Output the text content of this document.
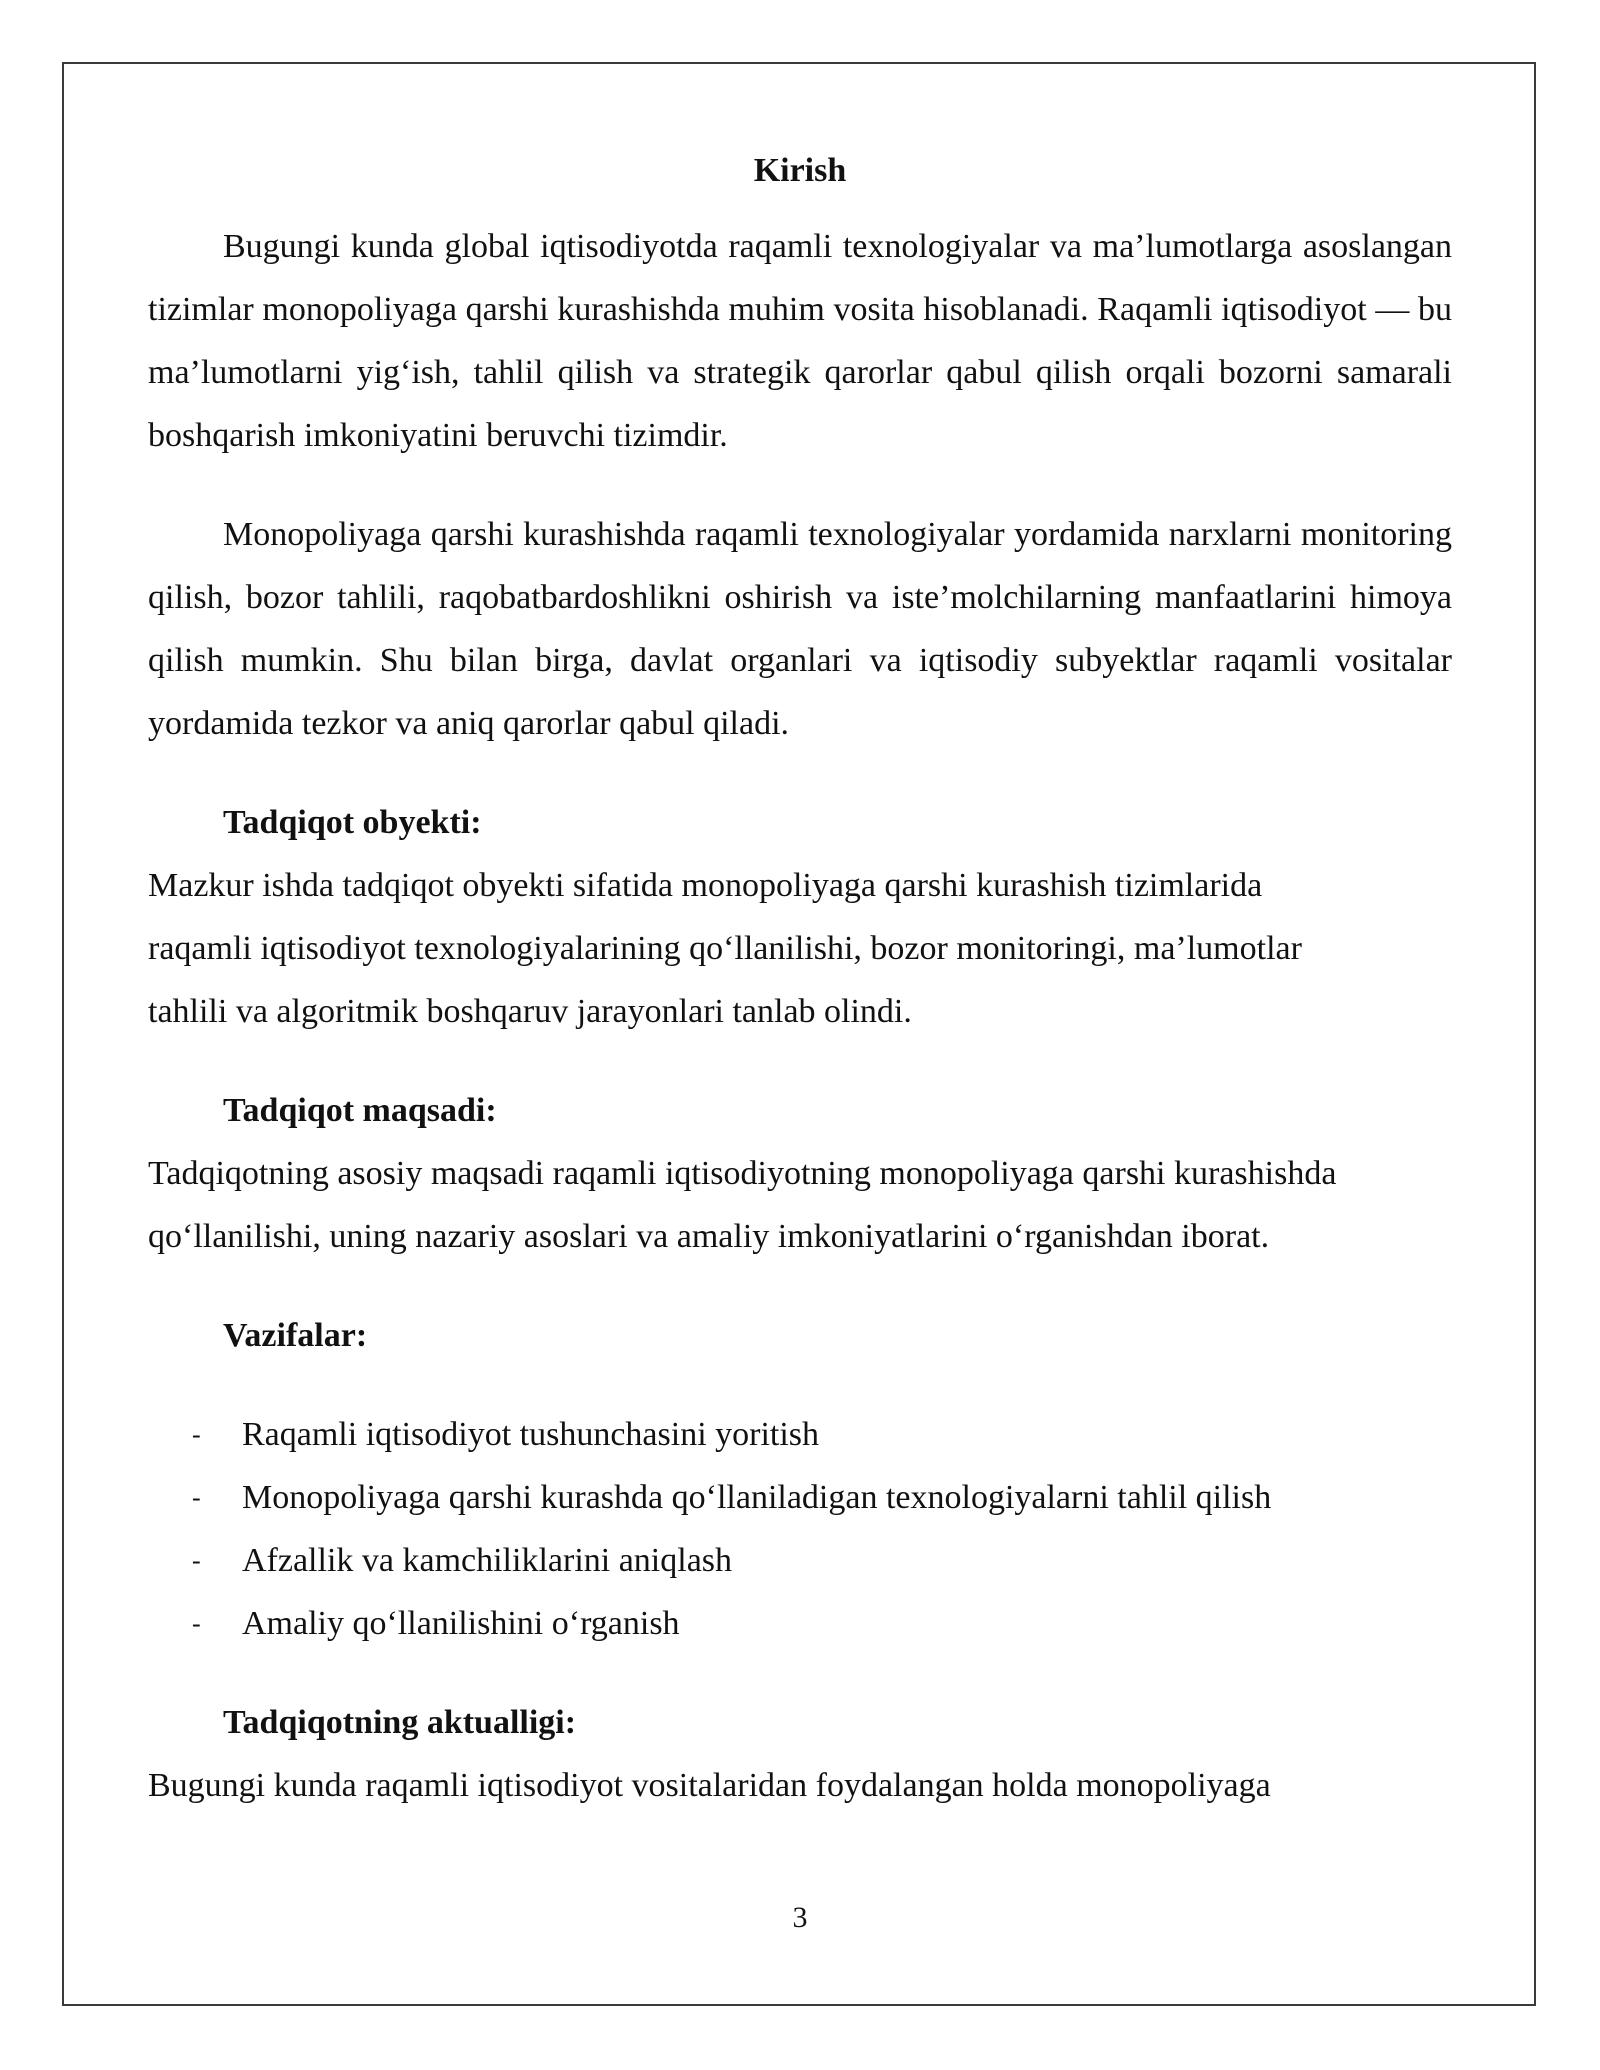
Kirish

Bugungi kunda global iqtisodiyotda raqamli texnologiyalar va ma’lumotlarga asoslangan tizimlar monopoliyaga qarshi kurashishda muhim vosita hisoblanadi. Raqamli iqtisodiyot — bu ma’lumotlarni yig‘ish, tahlil qilish va strategik qarorlar qabul qilish orqali bozorni samarali boshqarish imkoniyatini beruvchi tizimdir.

Monopoliyaga qarshi kurashishda raqamli texnologiyalar yordamida narxlarni monitoring qilish, bozor tahlili, raqobatbardoshlikni oshirish va iste’molchilarning manfaatlarini himoya qilish mumkin. Shu bilan birga, davlat organlari va iqtisodiy subyektlar raqamli vositalar yordamida tezkor va aniq qarorlar qabul qiladi.

Tadqiqot obyekti:

Mazkur ishda tadqiqot obyekti sifatida monopoliyaga qarshi kurashish tizimlarida
raqamli iqtisodiyot texnologiyalarining qo‘llanilishi, bozor monitoringi, ma’lumotlar
tahlili va algoritmik boshqaruv jarayonlari tanlab olindi.

Tadqiqot maqsadi:

Tadqiqotning asosiy maqsadi raqamli iqtisodiyotning monopoliyaga qarshi kurashishda
qo‘llanilishi, uning nazariy asoslari va amaliy imkoniyatlarini o‘rganishdan iborat.

Vazifalar:

- Raqamli iqtisodiyot tushunchasini yoritish
- Monopoliyaga qarshi kurashda qo‘llaniladigan texnologiyalarni tahlil qilish
- Afzallik va kamchiliklarini aniqlash
- Amaliy qo‘llanilishini o‘rganish

Tadqiqotning aktualligi:

Bugungi kunda raqamli iqtisodiyot vositalaridan foydalangan holda monopoliyaga
3
